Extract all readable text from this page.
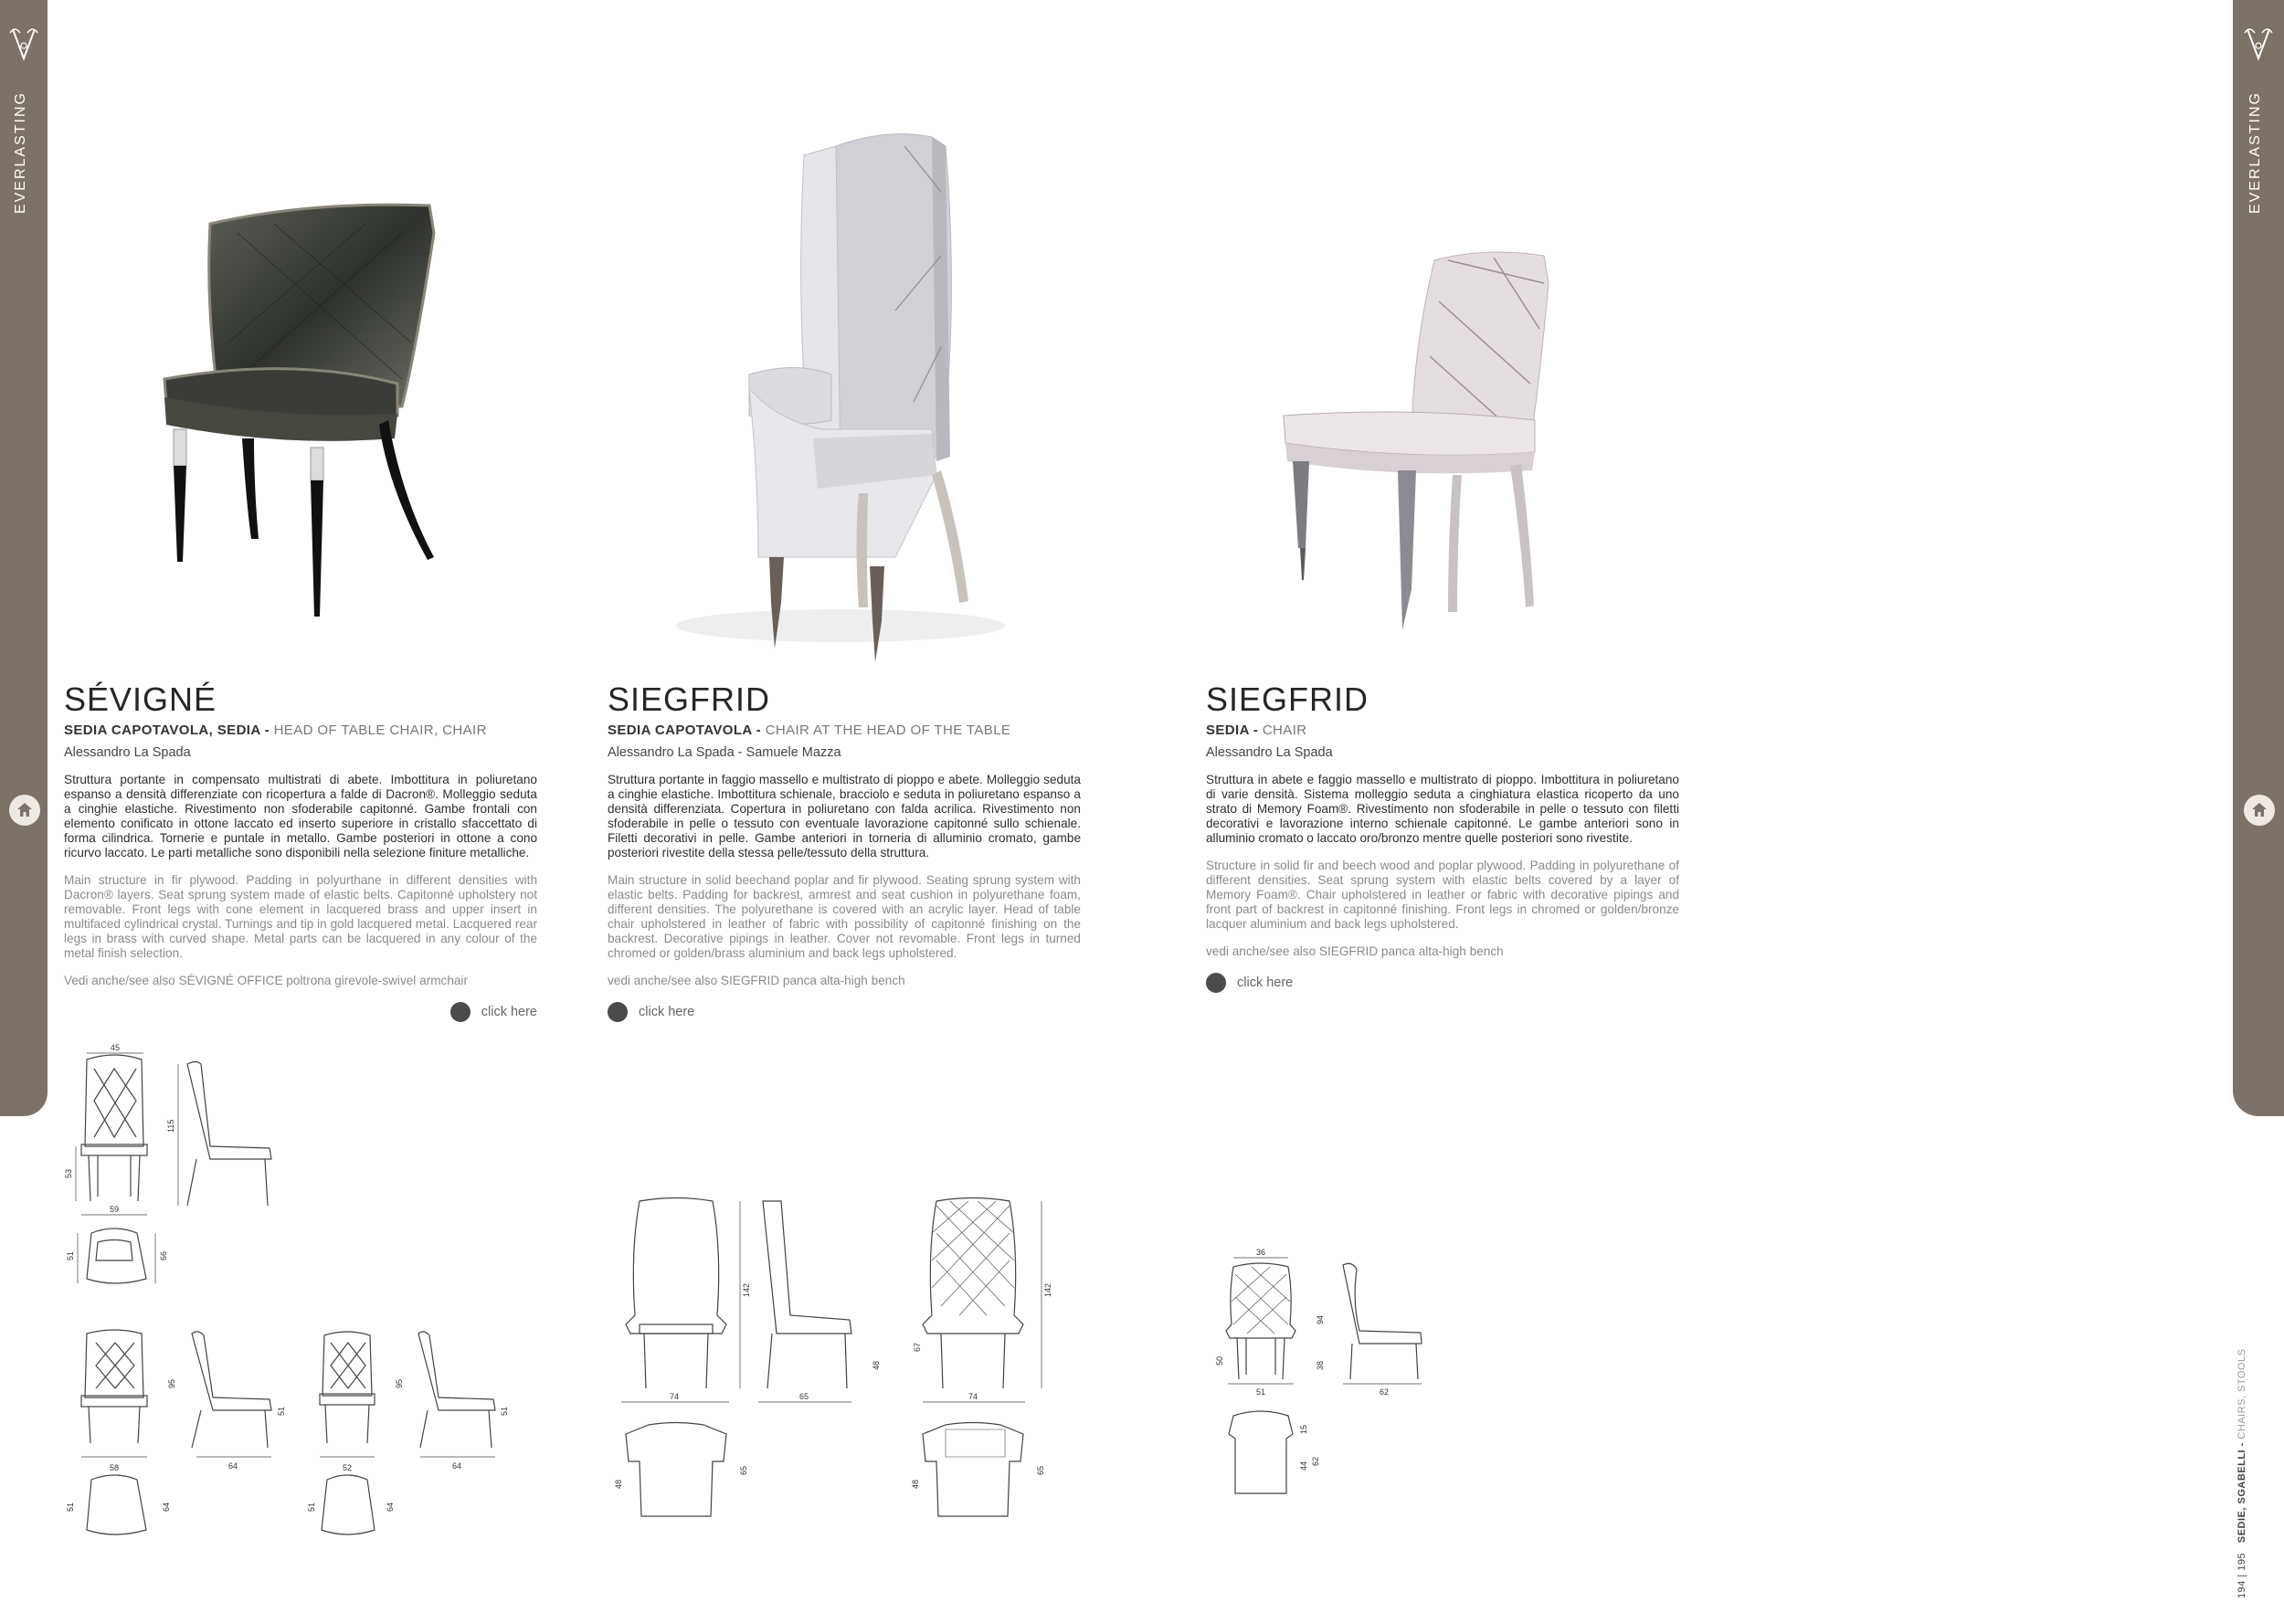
EVERLASTING	EVERLASTING
SÉVIGNÉ
SEDIA CAPOTAVOLA, SEDIA - HEAD OF TABLE CHAIR, CHAIR
Alessandro La Spada
Struttura portante in compensato multistrati di abete. Imbottitura in poliuretano espanso a densità differenziate con ricopertura a falde di Dacron®. Molleggio seduta a cinghie elastiche. Rivestimento non sfoderabile capitonné. Gambe frontali con elemento conificato in ottone laccato ed inserto superiore in cristallo sfaccettato di forma cilindrica. Tornerie e puntale in metallo. Gambe posteriori in ottone a cono ricurvo laccato. Le parti metalliche sono disponibili nella selezione finiture metalliche.
Main structure in fir plywood. Padding in polyurthane in different densities with Dacron® layers. Seat sprung system made of elastic belts. Capitonné upholstery not removable. Front legs with cone element in lacquered brass and upper insert in multifaced cylindrical crystal. Turnings and tip in gold lacquered metal. Lacquered rear legs in brass with curved shape. Metal parts can be lacquered in any colour of the metal finish selection.
Vedi anche/see also SÉVIGNÉ OFFICE poltrona girevole-swivel armchair
click here
SIEGFRID
SEDIA CAPOTAVOLA - CHAIR AT THE HEAD OF THE TABLE
Alessandro La Spada - Samuele Mazza
Struttura portante in faggio massello e multistrato di pioppo e abete. Molleggio seduta a cinghie elastiche. Imbottitura schienale, bracciolo e seduta in poliuretano espanso a densità differenziata. Copertura in poliuretano con falda acrilica. Rivestimento non sfoderabile in pelle o tessuto con eventuale lavorazione capitonné sullo schienale. Filetti decorativi in pelle. Gambe anteriori in torneria di alluminio cromato, gambe posteriori rivestite della stessa pelle/tessuto della struttura.
Main structure in solid beechand poplar and fir plywood. Seating sprung system with elastic belts. Padding for backrest, armrest and seat cushion in polyurethane foam, different densities. The polyurethane is covered with an acrylic layer. Head of table chair upholstered in leather of fabric with possibility of capitonné finishing on the backrest. Decorative pipings in leather. Cover not revomable. Front legs in turned chromed or golden/brass aluminium and back legs upholstered.
vedi anche/see also SIEGFRID panca alta-high bench
click here
SIEGFRID
SEDIA - CHAIR
Alessandro La Spada
Struttura in abete e faggio massello e multistrato di pioppo. Imbottitura in poliuretano di varie densità. Sistema molleggio seduta a cinghiatura elastica ricoperto da uno strato di Memory Foam®. Rivestimento non sfoderabile in pelle o tessuto con filetti decorativi e lavorazione interno schienale capitonné. Le gambe anteriori sono in alluminio cromato o laccato oro/bronzo mentre quelle posteriori sono rivestite.
Structure in solid fir and beech wood and poplar plywood. Padding in polyurethane of different densities. Seat sprung system with elastic belts covered by a layer of Memory Foam®. Chair upholstered in leather or fabric with decorative pipings and front part of backrest in capitonné finishing. Front legs in chromed or golden/bronze lacquer aluminium and back legs upholstered.
vedi anche/see also SIEGFRID panca alta-high bench
click here
45
115
53
59
51	66
58
95
51
64
51	64
52
95
51
64
51	64
74
142
48
65
48
65
67
74
142
48
65
36
94
50	38
51	62
15
44 62
194 | 195   SEDIE, SGABELLI - CHAIRS, STOOLS
